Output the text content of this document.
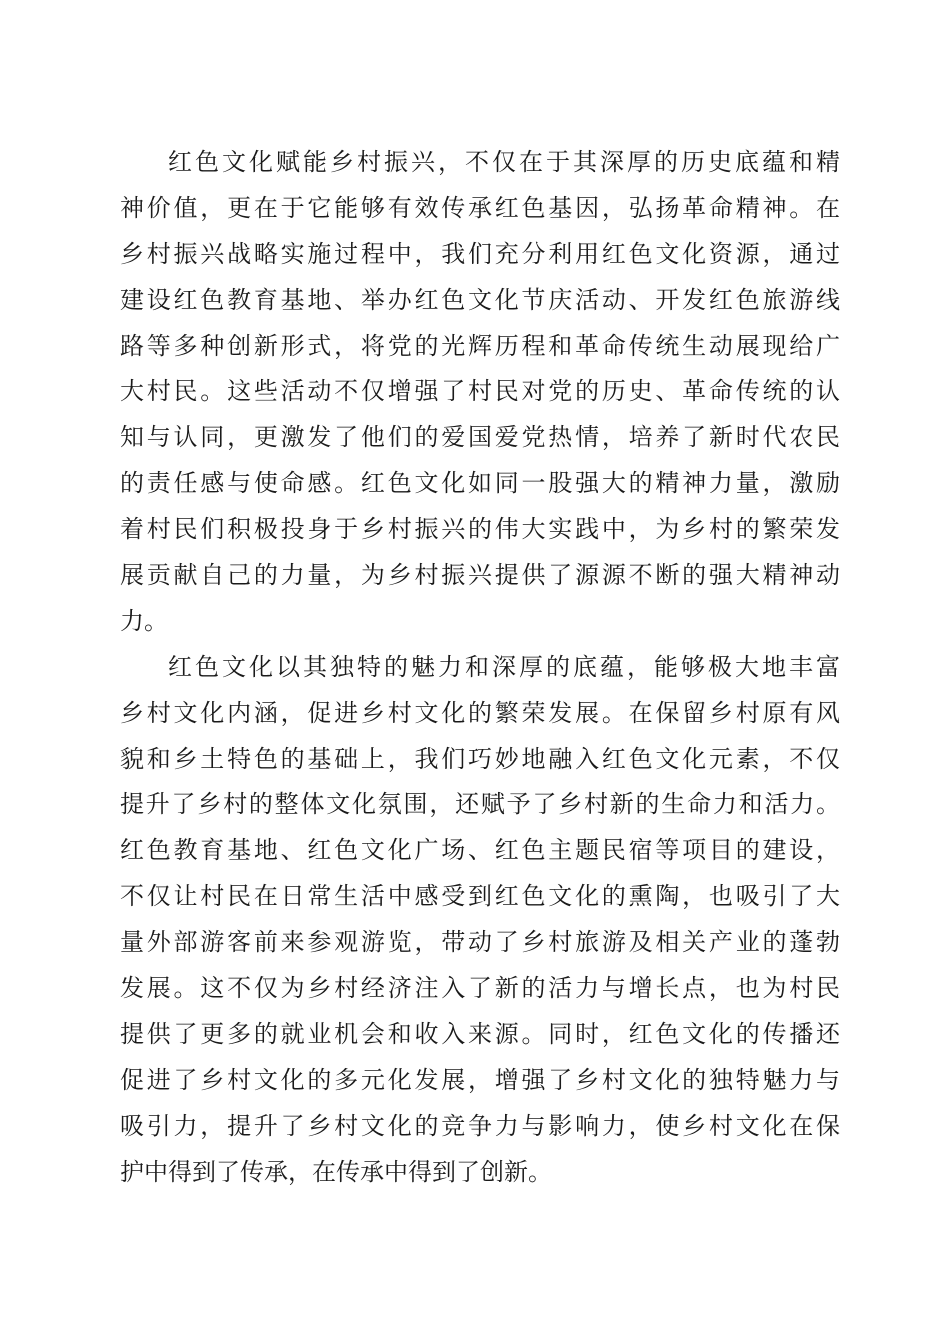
红色文化赋能乡村振兴，不仅在于其深厚的历史底蕴和精
神价值，更在于它能够有效传承红色基因，弘扬革命精神。在
乡村振兴战略实施过程中，我们充分利用红色文化资源，通过
建设红色教育基地、举办红色文化节庆活动、开发红色旅游线
路等多种创新形式，将党的光辉历程和革命传统生动展现给广
大村民。这些活动不仅增强了村民对党的历史、革命传统的认
知与认同，更激发了他们的爱国爱党热情，培养了新时代农民
的责任感与使命感。红色文化如同一股强大的精神力量，激励
着村民们积极投身于乡村振兴的伟大实践中，为乡村的繁荣发
展贡献自己的力量，为乡村振兴提供了源源不断的强大精神动
力。
红色文化以其独特的魅力和深厚的底蕴，能够极大地丰富
乡村文化内涵，促进乡村文化的繁荣发展。在保留乡村原有风
貌和乡土特色的基础上，我们巧妙地融入红色文化元素，不仅
提升了乡村的整体文化氛围，还赋予了乡村新的生命力和活力。
红色教育基地、红色文化广场、红色主题民宿等项目的建设，
不仅让村民在日常生活中感受到红色文化的熏陶，也吸引了大
量外部游客前来参观游览，带动了乡村旅游及相关产业的蓬勃
发展。这不仅为乡村经济注入了新的活力与增长点，也为村民
提供了更多的就业机会和收入来源。同时，红色文化的传播还
促进了乡村文化的多元化发展，增强了乡村文化的独特魅力与
吸引力，提升了乡村文化的竞争力与影响力，使乡村文化在保
护中得到了传承，在传承中得到了创新。
